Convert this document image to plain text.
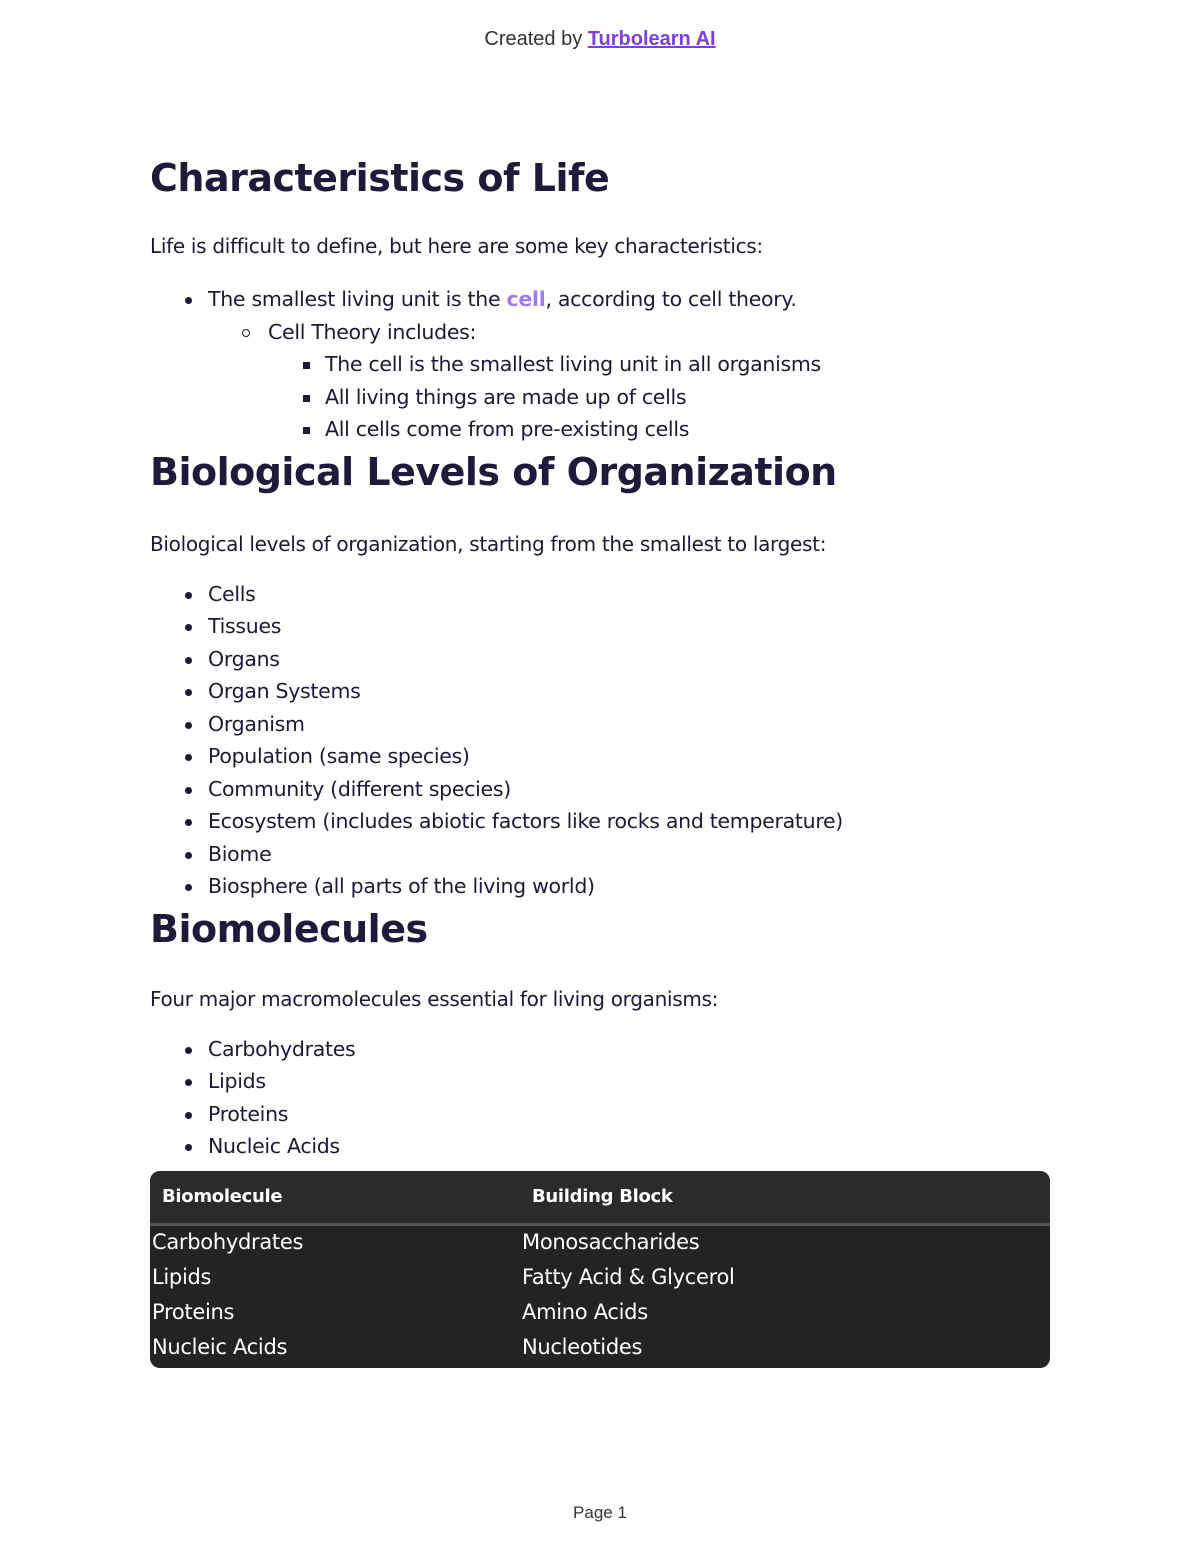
Created by Turbolearn AI
Characteristics of Life

Life is difficult to define, but here are some key characteristics:

The smallest living unit is the cell, according to cell theory.
Cell Theory includes:
The cell is the smallest living unit in all organisms
All living things are made up of cells
All cells come from pre-existing cells
Biological Levels of Organization

Biological levels of organization, starting from the smallest to largest:

Cells
Tissues
Organs
Organ Systems
Organism
Population (same species)
Community (different species)
Ecosystem (includes abiotic factors like rocks and temperature)
Biome
Biosphere (all parts of the living world)
Biomolecules

Four major macromolecules essential for living organisms:

Carbohydrates
Lipids
Proteins
Nucleic Acids
Biomolecule	Building Block
Carbohydrates	Monosaccharides
Lipids	Fatty Acid & Glycerol
Proteins	Amino Acids
Nucleic Acids	Nucleotides
Page 1
